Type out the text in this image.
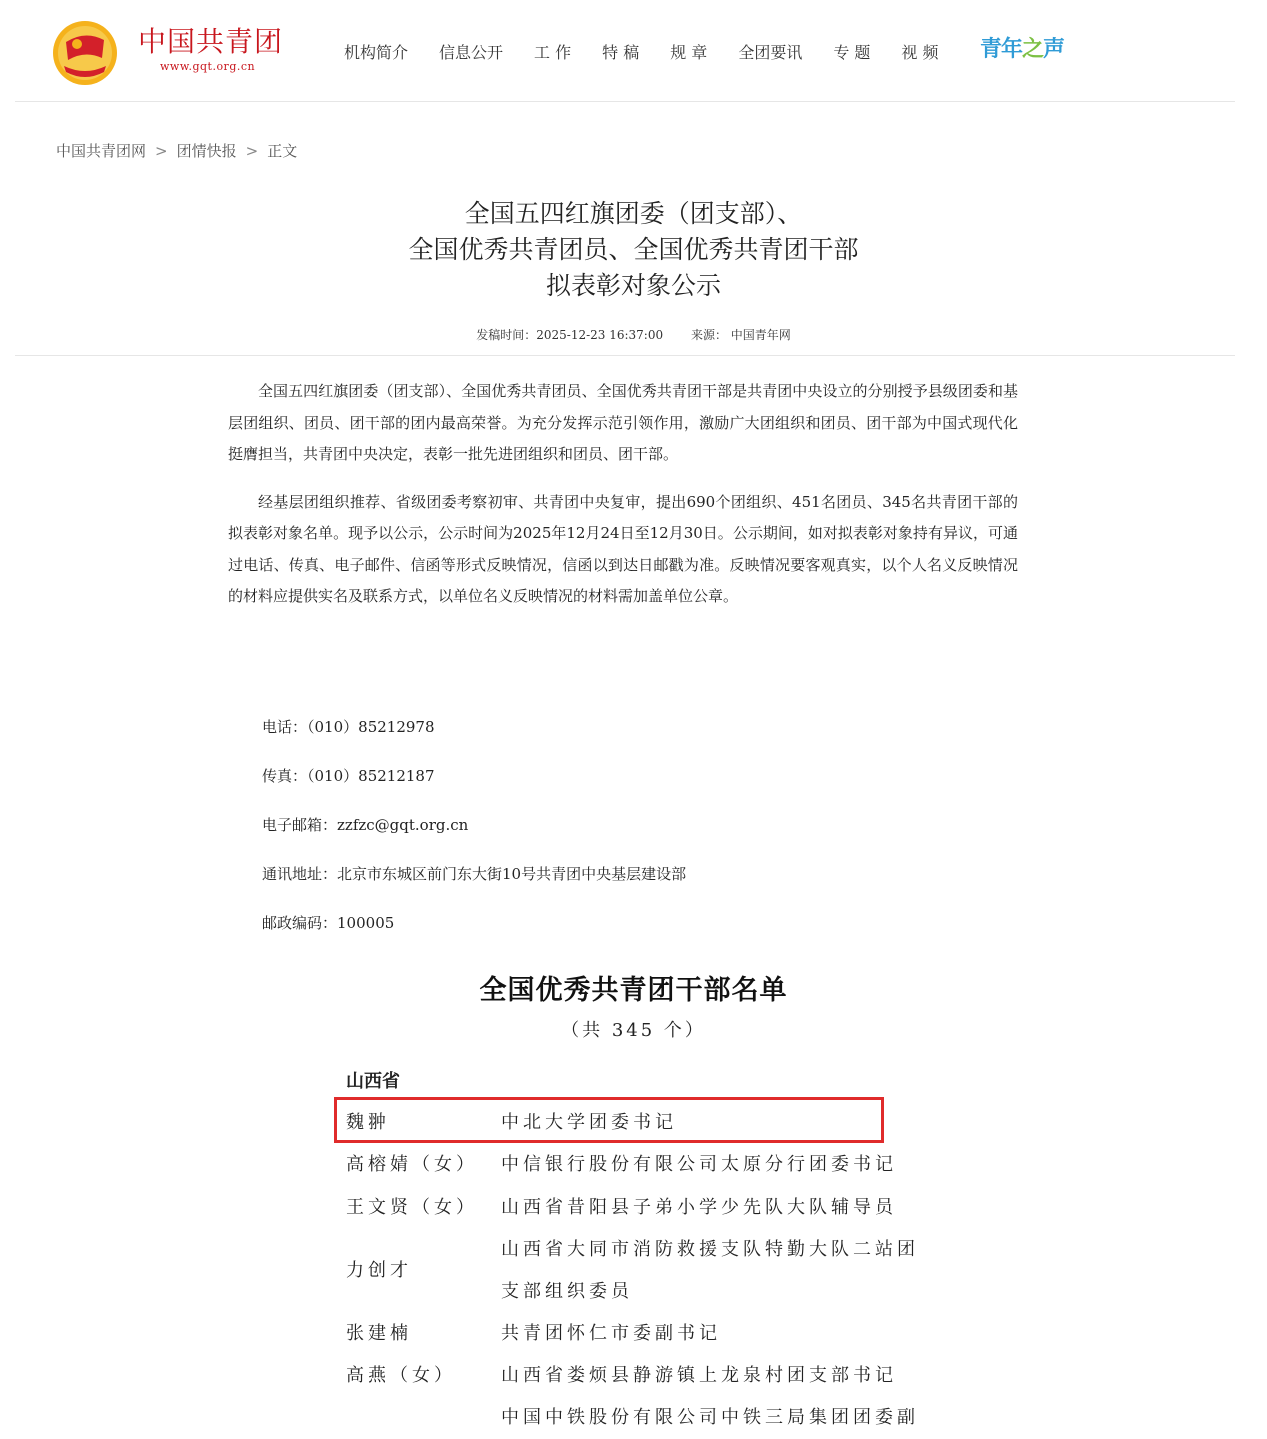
中国共青团
www.gqt.org.cn
机构简介 信息公开 工 作 特 稿 规 章 全团要讯 专 题 视 频 青年之声
中国共青团网 > 团情快报 > 正文
全国五四红旗团委（团支部）、
全国优秀共青团员、全国优秀共青团干部
拟表彰对象公示
发稿时间：2025-12-23 16:37:00 来源： 中国青年网

全国五四红旗团委（团支部）、全国优秀共青团员、全国优秀共青团干部是共青团中央设立的分别授予县级团委和基层团组织、团员、团干部的团内最高荣誉。为充分发挥示范引领作用，激励广大团组织和团员、团干部为中国式现代化挺膺担当，共青团中央决定，表彰一批先进团组织和团员、团干部。

经基层团组织推荐、省级团委考察初审、共青团中央复审，提出690个团组织、451名团员、345名共青团干部的拟表彰对象名单。现予以公示，公示时间为2025年12月24日至12月30日。公示期间，如对拟表彰对象持有异议，可通过电话、传真、电子邮件、信函等形式反映情况，信函以到达日邮戳为准。反映情况要客观真实，以个人名义反映情况的材料应提供实名及联系方式，以单位名义反映情况的材料需加盖单位公章。

电话：（010）85212978
传真：（010）85212187
电子邮箱：zzfzc@gqt.org.cn
通讯地址：北京市东城区前门东大街10号共青团中央基层建设部
邮政编码：100005
全国优秀共青团干部名单
（共 345 个）
山西省
魏翀	中北大学团委书记
高榕婧（女） 中信银行股份有限公司太原分行团委书记
王文贤（女） 山西省昔阳县子弟小学少先队大队辅导员
力创才
山西省大同市消防救援支队特勤大队二站团
支部组织委员
张建楠	共青团怀仁市委副书记
高燕（女）	山西省娄烦县静游镇上龙泉村团支部书记
中国中铁股份有限公司中铁三局集团团委副
